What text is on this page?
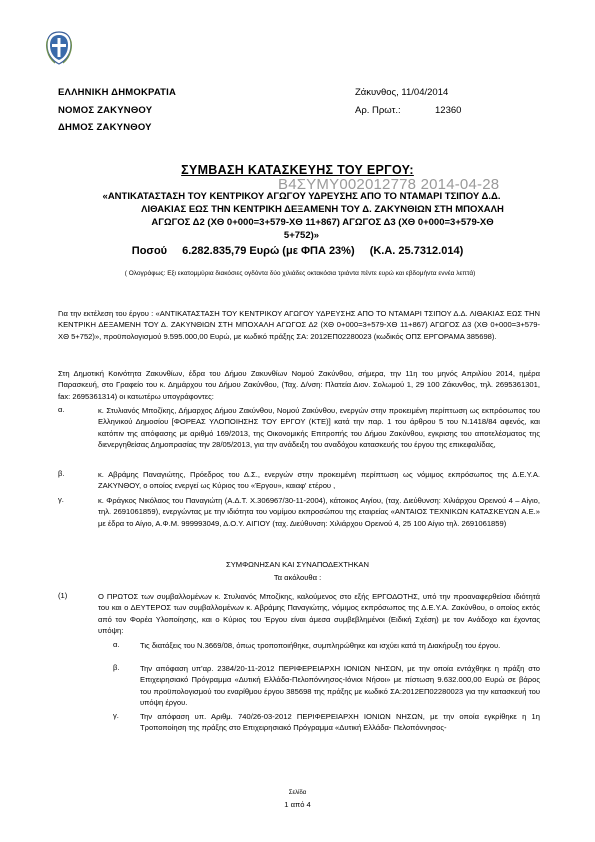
ΕΛΛΗΝΙΚΗ ΔΗΜΟΚΡΑΤΙΑ
ΝΟΜΟΣ ΖΑΚΥΝΘΟΥ
ΔΗΜΟΣ ΖΑΚΥΝΘΟΥ
Ζάκυνθος, 11/04/2014
Αρ. Πρωτ.:	12360
ΣΥΜΒΑΣΗ ΚΑΤΑΣΚΕΥΗΣ ΤΟΥ ΕΡΓΟΥ:
«ΑΝΤΙΚΑΤΑΣΤΑΣΗ ΤΟΥ ΚΕΝΤΡΙΚΟΥ ΑΓΩΓΟΥ ΥΔΡΕΥΣΗΣ ΑΠΟ ΤΟ ΝΤΑΜΑΡΙ ΤΣΙΠΟΥ Δ.Δ.
ΛΙΘΑΚΙΑΣ ΕΩΣ ΤΗΝ ΚΕΝΤΡΙΚΗ ΔΕΞΑΜΕΝΗ ΤΟΥ Δ. ΖΑΚΥΝΘΙΩΝ ΣΤΗ ΜΠΟΧΑΛΗ
ΑΓΩΓΟΣ Δ2 (ΧΘ 0+000=3+579-ΧΘ 11+867) ΑΓΩΓΟΣ Δ3 (ΧΘ 0+000=3+579-ΧΘ
5+752)»
Β4ΣΥΜΥ002012778 2014-04-28
Ποσού 6.282.835,79 Ευρώ (με ΦΠΑ 23%) (Κ.Α. 25.7312.014)
( Ολογράφως: Εξι εκατομμύρια διακόσιες ογδόντα δύο χιλιάδες οκτακόσια τριάντα πέντε ευρώ και εβδομήντα εννέα λεπτά)
Για την εκτέλεση του έργου : «ΑΝΤΙΚΑΤΑΣΤΑΣΗ ΤΟΥ ΚΕΝΤΡΙΚΟΥ ΑΓΩΓΟΥ ΥΔΡΕΥΣΗΣ ΑΠΟ ΤΟ ΝΤΑΜΑΡΙ ΤΣΙΠΟΥ Δ.Δ. ΛΙΘΑΚΙΑΣ ΕΩΣ ΤΗΝ ΚΕΝΤΡΙΚΗ ΔΕΞΑΜΕΝΗ ΤΟΥ Δ. ΖΑΚΥΝΘΙΩΝ ΣΤΗ ΜΠΟΧΑΛΗ ΑΓΩΓΟΣ Δ2 (ΧΘ 0+000=3+579-ΧΘ 11+867) ΑΓΩΓΟΣ Δ3 (ΧΘ 0+000=3+579-ΧΘ 5+752)», προϋπολογισμού 9.595.000,00 Ευρώ, με κωδικό πράξης ΣΑ: 2012ΕΠ02280023 (κωδικός ΟΠΣ ΕΡΓΟΡΑΜΑ 385698).
Στη Δημοτική Κοινότητα Ζακυνθίων, έδρα του Δήμου Ζακυνθίων Νομού Ζακύνθου, σήμερα, την 11η του μηνός Απριλίου 2014, ημέρα Παρασκευή, στο Γραφείο του κ. Δημάρχου του Δήμου Ζακύνθου, (Ταχ. Δ/νση: Πλατεία Διον. Σολωμού 1, 29 100 Ζάκυνθος, τηλ. 2695361301, fax: 2695361314) οι κατωτέρω υπογράφοντες:
α.	κ. Στυλιανός Μποζίκης, Δήμαρχος Δήμου Ζακύνθου, Νομού Ζακύνθου, ενεργών στην προκειμένη περίπτωση ως εκπρόσωπος του Ελληνικού Δημοσίου [ΦΟΡΕΑΣ ΥΛΟΠΟΙΗΣΗΣ ΤΟΥ ΕΡΓΟΥ (ΚΤΕ)] κατά την παρ. 1 του άρθρου 5 του Ν.1418/84 αφενός, και κατόπιν της απόφασης με αριθμό 169/2013, της Οικονομικής Επιτροπής του Δήμου Ζακύνθου, εγκρισης του αποτελέσματος της διενεργηθείσας Δημοπρασίας την 28/05/2013, για την ανάδειξη του αναδόχου κατασκευής του έργου της επικεφαλίδας,
β.	κ. Αβράμης Παναγιώτης, Πρόεδρος του Δ.Σ., ενεργών στην προκειμένη περίπτωση ως νόμιμος εκπρόσωπος της Δ.Ε.Υ.Α. ΖΑΚΥΝΘΟΥ, ο οποίος ενεργεί ως Κύριος του «Έργου», καιαφ' ετέρου ,
γ.	κ. Φράγκος Νικόλαος του Παναγιώτη (Α.Δ.Τ. Χ.306967/30-11-2004), κάτοικος Αιγίου, (ταχ. Διεύθυνση: Χιλιάρχου Ορεινού 4 – Αίγιο, τηλ. 2691061859), ενεργώντας με την ιδιότητα του νομίμου εκπροσώπου της εταιρείας «ΑΝΤΑΙΟΣ ΤΕΧΝΙΚΩΝ ΚΑΤΑΣΚΕΥΩΝ Α.Ε.» με έδρα το Αίγιο, Α.Φ.Μ. 999993049, Δ.Ο.Υ. ΑΙΓΙΟΥ (ταχ. Διεύθυνση: Χιλιάρχου Ορεινού 4, 25 100 Αίγιο τηλ. 2691061859)
ΣΥΜΦΩΝΗΣΑΝ ΚΑΙ ΣΥΝΑΠΟΔΕΧΤΗΚΑΝ
Τα ακόλουθα :
(1)	Ο ΠΡΩΤΟΣ των συμβαλλομένων κ. Στυλιανός Μποζίκης, καλούμενος στο εξής ΕΡΓΟΔΟΤΗΣ, υπό την προαναφερθείσα ιδιότητά του και ο ΔΕΥΤΕΡΟΣ των συμβαλλομένων κ. Αβράμης Παναγιώτης, νόμιμος εκπρόσωπος της Δ.Ε.Υ.Α. Ζακύνθου, ο οποίος εκτός από τον Φορέα Υλοποίησης, και ο Κύριος του Έργου είναι άμεσα συμβεβλημένοι (Ειδική Σχέση) με τον Ανάδοχο και έχοντας υπόψη:
α.	Τις διατάξεις του Ν.3669/08, όπως τροποποιήθηκε, συμπληρώθηκε και ισχύει κατά τη Διακήρυξη του έργου.
β.	Την απόφαση υπ'αρ. 2384/20-11-2012 ΠΕΡΙΦΕΡΕΙΑΡΧΗ ΙΟΝΙΩΝ ΝΗΣΩΝ, με την οποία εντάχθηκε η πράξη στο Επιχειρησιακό Πρόγραμμα «Δυτική Ελλάδα-Πελοπόννησος-Ιόνιοι Νήσοι» με πίστωση 9.632.000,00 Ευρώ σε βάρος του προϋπολογισμού του εναρίθμου έργου 385698 της πράξης με κωδικό ΣΑ:2012ΕΠ02280023 για την κατασκευή του υπόψη έργου.
γ.	Την απόφαση υπ. Αριθμ. 740/26-03-2012 ΠΕΡΙΦΕΡΕΙΑΡΧΗ ΙΟΝΙΩΝ ΝΗΣΩΝ, με την οποία εγκρίθηκε η 1η Τροποποίηση της πράξης στο Επιχειρησιακό Πρόγραμμα «Δυτική Ελλάδα- Πελοπόννησος-
Σελίδα
1 από 4
